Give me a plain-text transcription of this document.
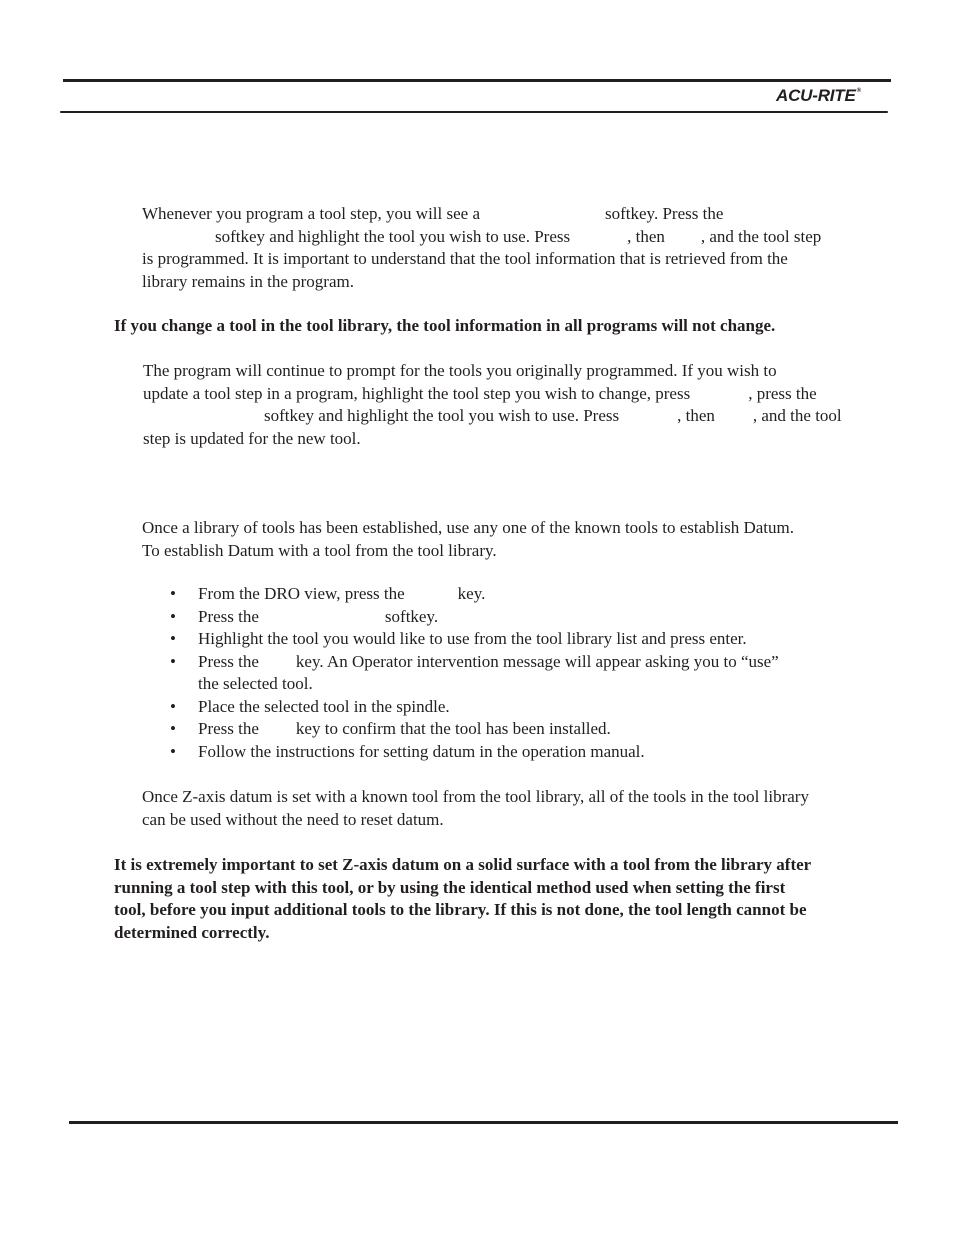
ACU-RITE®
Whenever you program a tool step, you will see a	softkey. Press the
softkey and highlight the tool you wish to use. Press	, then , and the tool step
is programmed. It is important to understand that the tool information that is retrieved from the
library remains in the program.
If you change a tool in the tool library, the tool information in all programs will not change.
The program will continue to prompt for the tools you originally programmed. If you wish to
update a tool step in a program, highlight the tool step you wish to change, press	, press the
softkey and highlight the tool you wish to use. Press	, then , and the tool
step is updated for the new tool.
Once a library of tools has been established, use any one of the known tools to establish Datum.
To establish Datum with a tool from the tool library.
• From the DRO view, press the	key.
• Press the	softkey.
• Highlight the tool you would like to use from the tool library list and press enter.
• Press the key. An Operator intervention message will appear asking you to “use”
the selected tool.
• Place the selected tool in the spindle.
• Press the key to confirm that the tool has been installed.
• Follow the instructions for setting datum in the operation manual.
Once Z-axis datum is set with a known tool from the tool library, all of the tools in the tool library
can be used without the need to reset datum.
It is extremely important to set Z-axis datum on a solid surface with a tool from the library after
running a tool step with this tool, or by using the identical method used when setting the first
tool, before you input additional tools to the library. If this is not done, the tool length cannot be
determined correctly.
